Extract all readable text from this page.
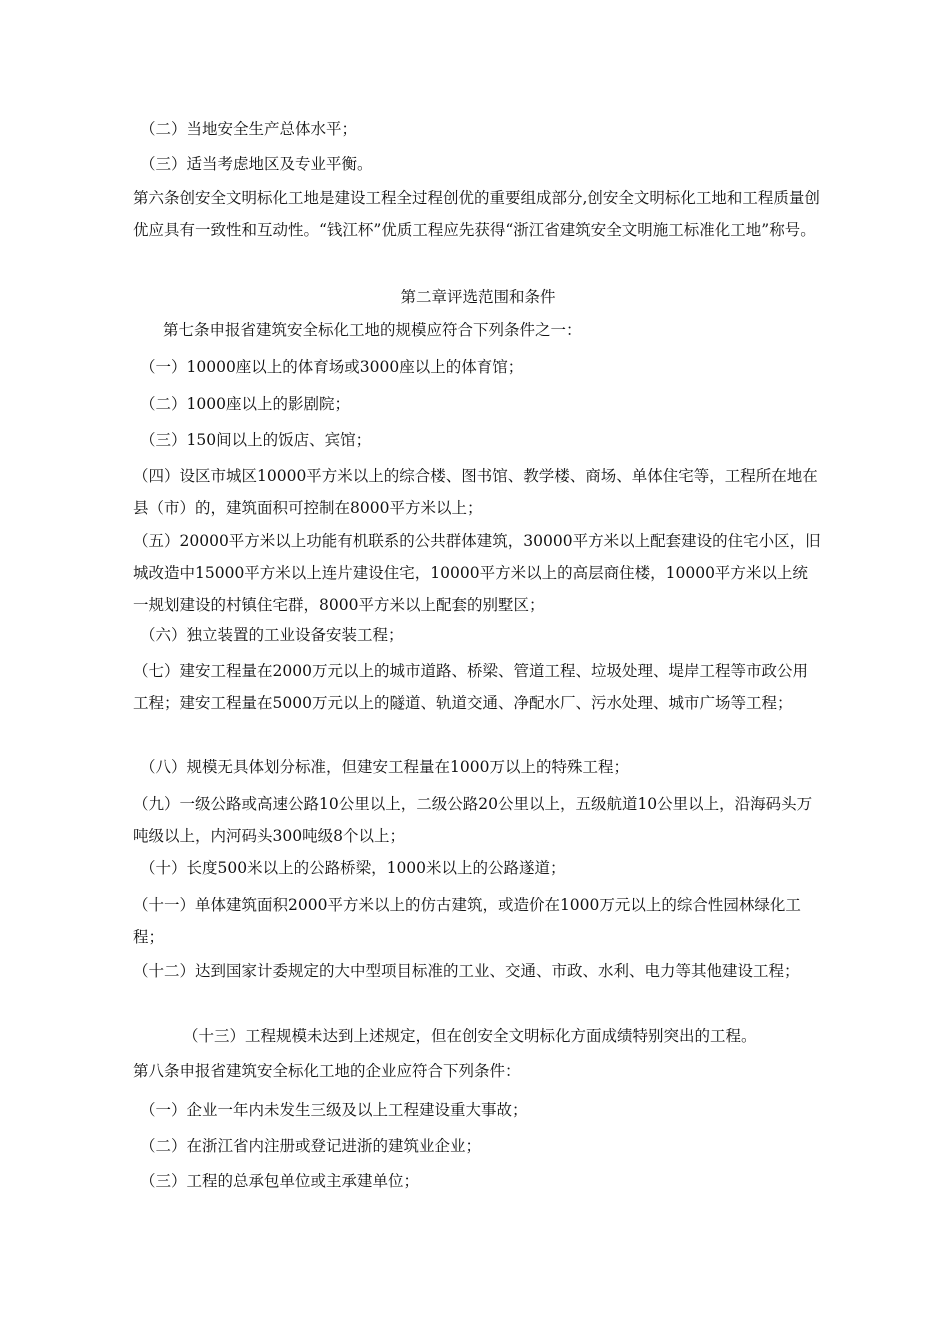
（二）当地安全生产总体水平；

（三）适当考虑地区及专业平衡。

第六条创安全文明标化工地是建设工程全过程创优的重要组成部分,创安全文明标化工地和工程质量创优应具有一致性和互动性。“钱江杯”优质工程应先获得“浙江省建筑安全文明施工标准化工地”称号。

第二章评选范围和条件

第七条申报省建筑安全标化工地的规模应符合下列条件之一：

（一）10000座以上的体育场或3000座以上的体育馆；

（二）1000座以上的影剧院；

（三）150间以上的饭店、宾馆；

（四）设区市城区10000平方米以上的综合楼、图书馆、教学楼、商场、单体住宅等，工程所在地在县（市）的，建筑面积可控制在8000平方米以上；

（五）20000平方米以上功能有机联系的公共群体建筑，30000平方米以上配套建设的住宅小区，旧城改造中15000平方米以上连片建设住宅，10000平方米以上的高层商住楼，10000平方米以上统一规划建设的村镇住宅群，8000平方米以上配套的别墅区；

（六）独立装置的工业设备安装工程；

（七）建安工程量在2000万元以上的城市道路、桥梁、管道工程、垃圾处理、堤岸工程等市政公用工程；建安工程量在5000万元以上的隧道、轨道交通、净配水厂、污水处理、城市广场等工程；

（八）规模无具体划分标准，但建安工程量在1000万以上的特殊工程；

（九）一级公路或高速公路10公里以上，二级公路20公里以上，五级航道10公里以上，沿海码头万吨级以上，内河码头300吨级8个以上；

（十）长度500米以上的公路桥梁，1000米以上的公路遂道；

（十一）单体建筑面积2000平方米以上的仿古建筑，或造价在1000万元以上的综合性园林绿化工程；

（十二）达到国家计委规定的大中型项目标准的工业、交通、市政、水利、电力等其他建设工程；

（十三）工程规模未达到上述规定，但在创安全文明标化方面成绩特别突出的工程。

第八条申报省建筑安全标化工地的企业应符合下列条件：

（一）企业一年内未发生三级及以上工程建设重大事故；

（二）在浙江省内注册或登记进浙的建筑业企业；

（三）工程的总承包单位或主承建单位；
